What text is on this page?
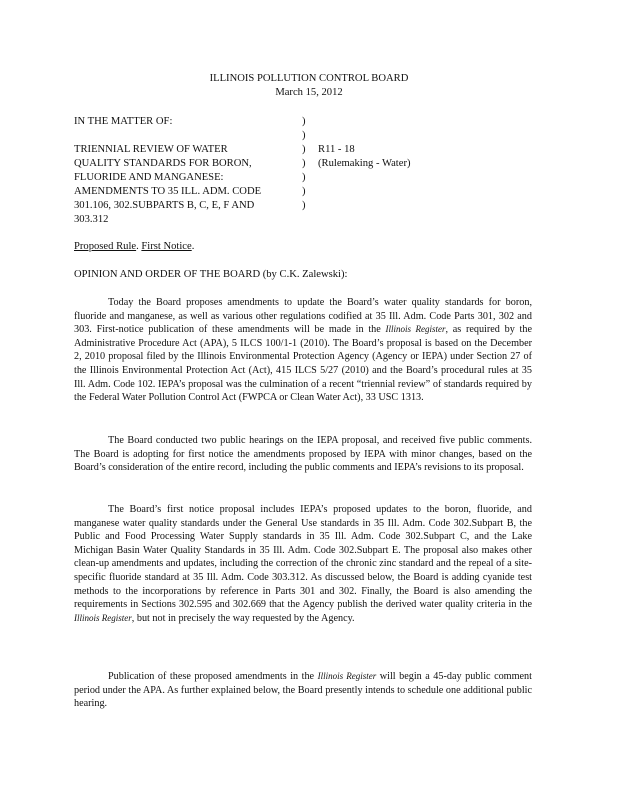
ILLINOIS POLLUTION CONTROL BOARD
March 15, 2012
IN THE MATTER OF:
TRIENNIAL REVIEW OF WATER
QUALITY STANDARDS FOR BORON,
FLUORIDE AND MANGANESE:
AMENDMENTS TO 35 ILL. ADM. CODE
301.106, 302.SUBPARTS B, C, E, F AND
303.312
)
)
)
)
)
)
)
R11 - 18
(Rulemaking - Water)
Proposed Rule. First Notice.
OPINION AND ORDER OF THE BOARD (by C.K. Zalewski):
Today the Board proposes amendments to update the Board’s water quality standards for boron, fluoride and manganese, as well as various other regulations codified at 35 Ill. Adm. Code Parts 301, 302 and 303. First-notice publication of these amendments will be made in the Illinois Register, as required by the Administrative Procedure Act (APA), 5 ILCS 100/1-1 (2010). The Board’s proposal is based on the December 2, 2010 proposal filed by the Illinois Environmental Protection Agency (Agency or IEPA) under Section 27 of the Illinois Environmental Protection Act (Act), 415 ILCS 5/27 (2010) and the Board’s procedural rules at 35 Ill. Adm. Code 102. IEPA’s proposal was the culmination of a recent “triennial review” of standards required by the Federal Water Pollution Control Act (FWPCA or Clean Water Act), 33 USC 1313.
The Board conducted two public hearings on the IEPA proposal, and received five public comments. The Board is adopting for first notice the amendments proposed by IEPA with minor changes, based on the Board’s consideration of the entire record, including the public comments and IEPA’s revisions to its proposal.
The Board’s first notice proposal includes IEPA’s proposed updates to the boron, fluoride, and manganese water quality standards under the General Use standards in 35 Ill. Adm. Code 302.Subpart B, the Public and Food Processing Water Supply standards in 35 Ill. Adm. Code 302.Subpart C, and the Lake Michigan Basin Water Quality Standards in 35 Ill. Adm. Code 302.Subpart E. The proposal also makes other clean-up amendments and updates, including the correction of the chronic zinc standard and the repeal of a site-specific fluoride standard at 35 Ill. Adm. Code 303.312. As discussed below, the Board is adding cyanide test methods to the incorporations by reference in Parts 301 and 302. Finally, the Board is also amending the requirements in Sections 302.595 and 302.669 that the Agency publish the derived water quality criteria in the Illinois Register, but not in precisely the way requested by the Agency.
Publication of these proposed amendments in the Illinois Register will begin a 45-day public comment period under the APA. As further explained below, the Board presently intends to schedule one additional public hearing.
